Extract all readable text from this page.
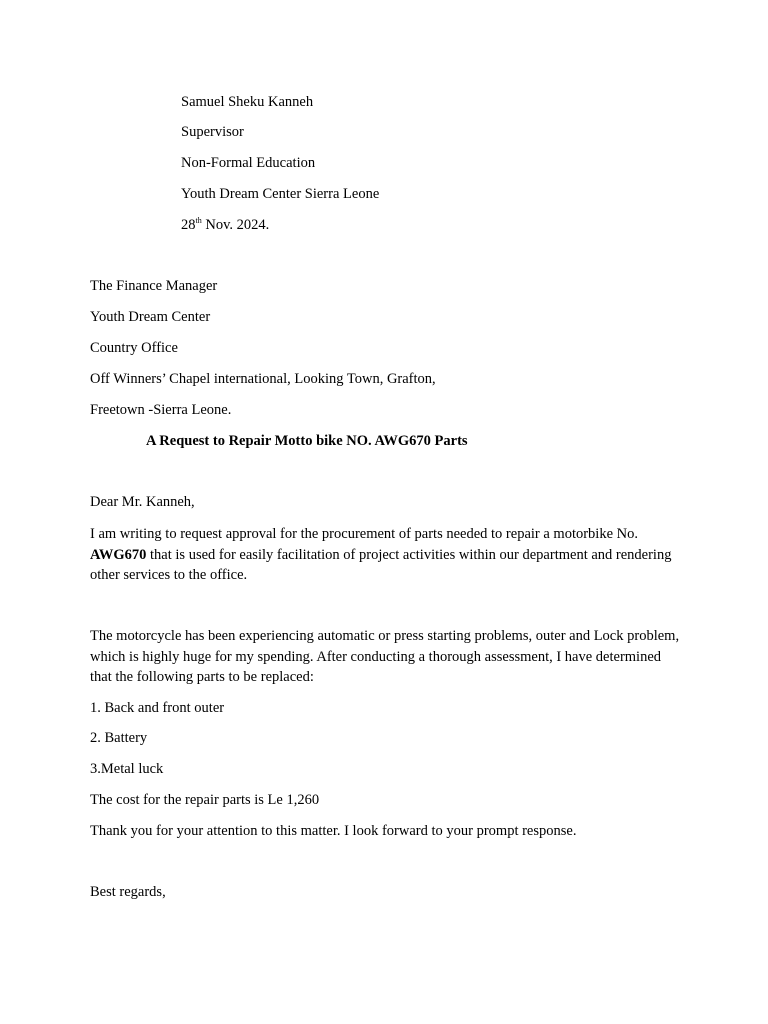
Samuel Sheku Kanneh
Supervisor
Non-Formal Education
Youth Dream Center Sierra Leone
28th Nov. 2024.
The Finance Manager
Youth Dream Center
Country Office
Off Winners’ Chapel international, Looking Town, Grafton,
Freetown -Sierra Leone.
A Request to Repair Motto bike NO. AWG670 Parts
Dear Mr. Kanneh,
I am writing to request approval for the procurement of parts needed to repair a motorbike No.
AWG670 that is used for easily facilitation of project activities within our department and rendering other services to the office.
The motorcycle has been experiencing automatic or press starting problems, outer and Lock problem, which is highly huge for my spending. After conducting a thorough assessment, I have determined that the following parts to be replaced:
1. Back and front outer
2. Battery
3.Metal luck
The cost for the repair parts is Le 1,260
Thank you for your attention to this matter. I look forward to your prompt response.
Best regards,
